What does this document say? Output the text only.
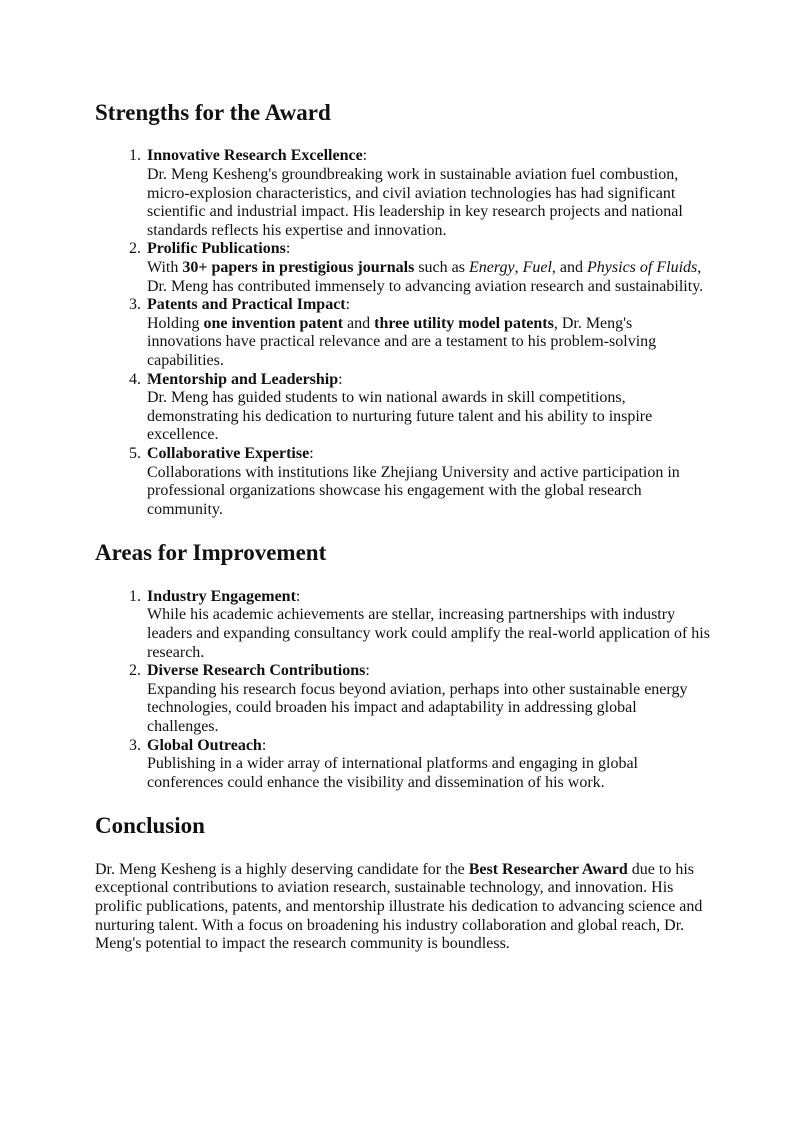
Strengths for the Award
1. Innovative Research Excellence:
Dr. Meng Kesheng's groundbreaking work in sustainable aviation fuel combustion, micro-explosion characteristics, and civil aviation technologies has had significant scientific and industrial impact. His leadership in key research projects and national standards reflects his expertise and innovation.
2. Prolific Publications:
With 30+ papers in prestigious journals such as Energy, Fuel, and Physics of Fluids, Dr. Meng has contributed immensely to advancing aviation research and sustainability.
3. Patents and Practical Impact:
Holding one invention patent and three utility model patents, Dr. Meng's innovations have practical relevance and are a testament to his problem-solving capabilities.
4. Mentorship and Leadership:
Dr. Meng has guided students to win national awards in skill competitions, demonstrating his dedication to nurturing future talent and his ability to inspire excellence.
5. Collaborative Expertise:
Collaborations with institutions like Zhejiang University and active participation in professional organizations showcase his engagement with the global research community.
Areas for Improvement
1. Industry Engagement:
While his academic achievements are stellar, increasing partnerships with industry leaders and expanding consultancy work could amplify the real-world application of his research.
2. Diverse Research Contributions:
Expanding his research focus beyond aviation, perhaps into other sustainable energy technologies, could broaden his impact and adaptability in addressing global challenges.
3. Global Outreach:
Publishing in a wider array of international platforms and engaging in global conferences could enhance the visibility and dissemination of his work.
Conclusion

Dr. Meng Kesheng is a highly deserving candidate for the Best Researcher Award due to his exceptional contributions to aviation research, sustainable technology, and innovation. His prolific publications, patents, and mentorship illustrate his dedication to advancing science and nurturing talent. With a focus on broadening his industry collaboration and global reach, Dr. Meng's potential to impact the research community is boundless.
